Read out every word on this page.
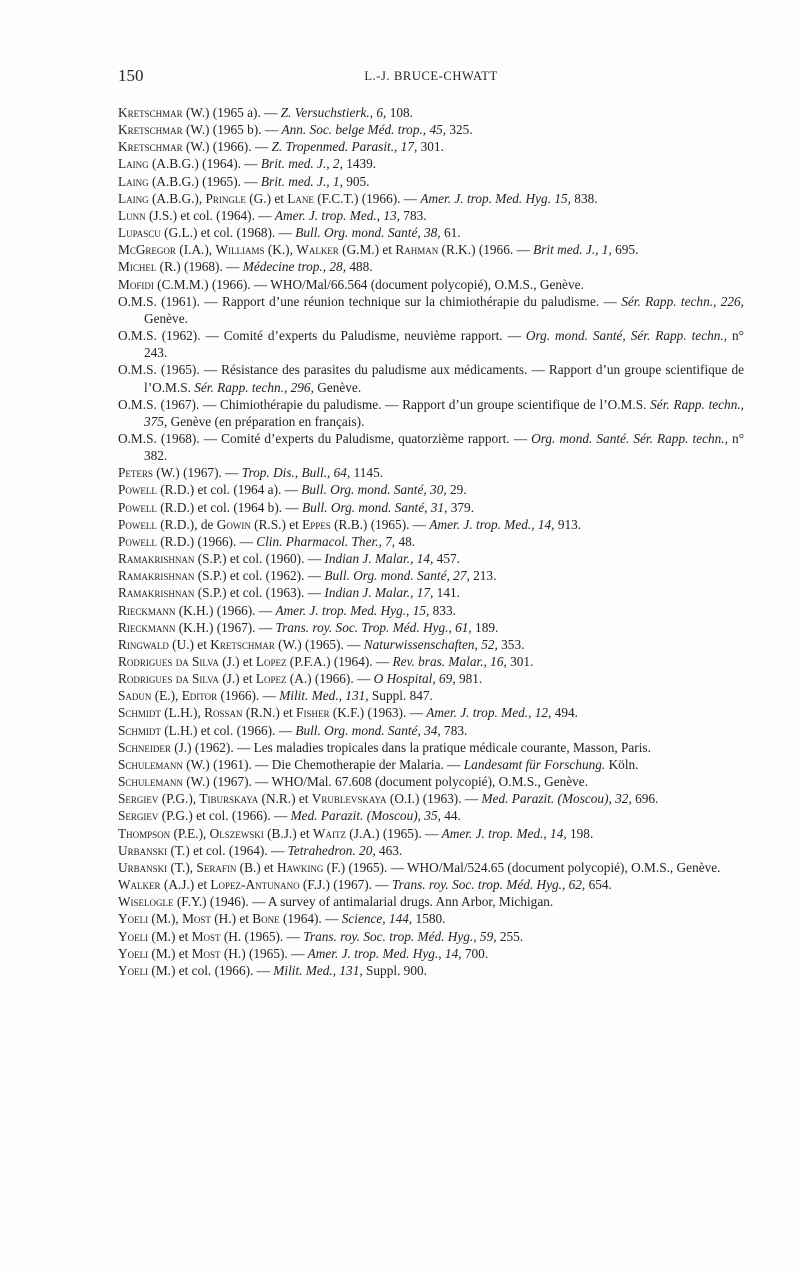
150	L.-J. BRUCE-CHWATT
Kretschmar (W.) (1965 a). — Z. Versuchstierk., 6, 108.
Kretschmar (W.) (1965 b). — Ann. Soc. belge Méd. trop., 45, 325.
Kretschmar (W.) (1966). — Z. Tropenmed. Parasit., 17, 301.
Laing (A.B.G.) (1964). — Brit. med. J., 2, 1439.
Laing (A.B.G.) (1965). — Brit. med. J., 1, 905.
Laing (A.B.G.), Pringle (G.) et Lane (F.C.T.) (1966). — Amer. J. trop. Med. Hyg. 15, 838.
Lunn (J.S.) et col. (1964). — Amer. J. trop. Med., 13, 783.
Lupascu (G.L.) et col. (1968). — Bull. Org. mond. Santé, 38, 61.
McGregor (I.A.), Williams (K.), Walker (G.M.) et Rahman (R.K.) (1966. — Brit med. J., 1, 695.
Michel (R.) (1968). — Médecine trop., 28, 488.
Mofidi (C.M.M.) (1966). — WHO/Mal/66.564 (document polycopié), O.M.S., Genève.
O.M.S. (1961). — Rapport d’une réunion technique sur la chimiothérapie du paludisme. — Sér. Rapp. techn., 226, Genève.
O.M.S. (1962). — Comité d’experts du Paludisme, neuvième rapport. — Org. mond. Santé, Sér. Rapp. techn., n° 243.
O.M.S. (1965). — Résistance des parasites du paludisme aux médicaments. — Rapport d’un groupe scientifique de l’O.M.S. Sér. Rapp. techn., 296, Genève.
O.M.S. (1967). — Chimiothérapie du paludisme. — Rapport d’un groupe scientifique de l’O.M.S. Sér. Rapp. techn., 375, Genève (en préparation en français).
O.M.S. (1968). — Comité d’experts du Paludisme, quatorzième rapport. — Org. mond. Santé. Sér. Rapp. techn., n° 382.
Peters (W.) (1967). — Trop. Dis., Bull., 64, 1145.
Powell (R.D.) et col. (1964 a). — Bull. Org. mond. Santé, 30, 29.
Powell (R.D.) et col. (1964 b). — Bull. Org. mond. Santé, 31, 379.
Powell (R.D.), de Gowin (R.S.) et Eppes (R.B.) (1965). — Amer. J. trop. Med., 14, 913.
Powell (R.D.) (1966). — Clin. Pharmacol. Ther., 7, 48.
Ramakrishnan (S.P.) et col. (1960). — Indian J. Malar., 14, 457.
Ramakrishnan (S.P.) et col. (1962). — Bull. Org. mond. Santé, 27, 213.
Ramakrishnan (S.P.) et col. (1963). — Indian J. Malar., 17, 141.
Rieckmann (K.H.) (1966). — Amer. J. trop. Med. Hyg., 15, 833.
Rieckmann (K.H.) (1967). — Trans. roy. Soc. Trop. Méd. Hyg., 61, 189.
Ringwald (U.) et Kretschmar (W.) (1965). — Naturwissenschaften, 52, 353.
Rodrigues da Silva (J.) et Lopez (P.F.A.) (1964). — Rev. bras. Malar., 16, 301.
Rodrigues da Silva (J.) et Lopez (A.) (1966). — O Hospital, 69, 981.
Sadun (E.), Editor (1966). — Milit. Med., 131, Suppl. 847.
Schmidt (L.H.), Rossan (R.N.) et Fisher (K.F.) (1963). — Amer. J. trop. Med., 12, 494.
Schmidt (L.H.) et col. (1966). — Bull. Org. mond. Santé, 34, 783.
Schneider (J.) (1962). — Les maladies tropicales dans la pratique médicale courante, Masson, Paris.
Schulemann (W.) (1961). — Die Chemotherapie der Malaria. — Landesamt für Forschung. Köln.
Schulemann (W.) (1967). — WHO/Mal. 67.608 (document polycopié), O.M.S., Genève.
Sergiev (P.G.), Tiburskaya (N.R.) et Vrublevskaya (O.I.) (1963). — Med. Parazit. (Moscou), 32, 696.
Sergiev (P.G.) et col. (1966). — Med. Parazit. (Moscou), 35, 44.
Thompson (P.E.), Olszewski (B.J.) et Waitz (J.A.) (1965). — Amer. J. trop. Med., 14, 198.
Urbanski (T.) et col. (1964). — Tetrahedron. 20, 463.
Urbanski (T.), Serafin (B.) et Hawking (F.) (1965). — WHO/Mal/524.65 (document polycopié), O.M.S., Genève.
Walker (A.J.) et Lopez-Antunano (F.J.) (1967). — Trans. roy. Soc. trop. Méd. Hyg., 62, 654.
Wiselogle (F.Y.) (1946). — A survey of antimalarial drugs. Ann Arbor, Michigan.
Yoeli (M.), Most (H.) et Bone (1964). — Science, 144, 1580.
Yoeli (M.) et Most (H. (1965). — Trans. roy. Soc. trop. Méd. Hyg., 59, 255.
Yoeli (M.) et Most (H.) (1965). — Amer. J. trop. Med. Hyg., 14, 700.
Yoeli (M.) et col. (1966). — Milit. Med., 131, Suppl. 900.
